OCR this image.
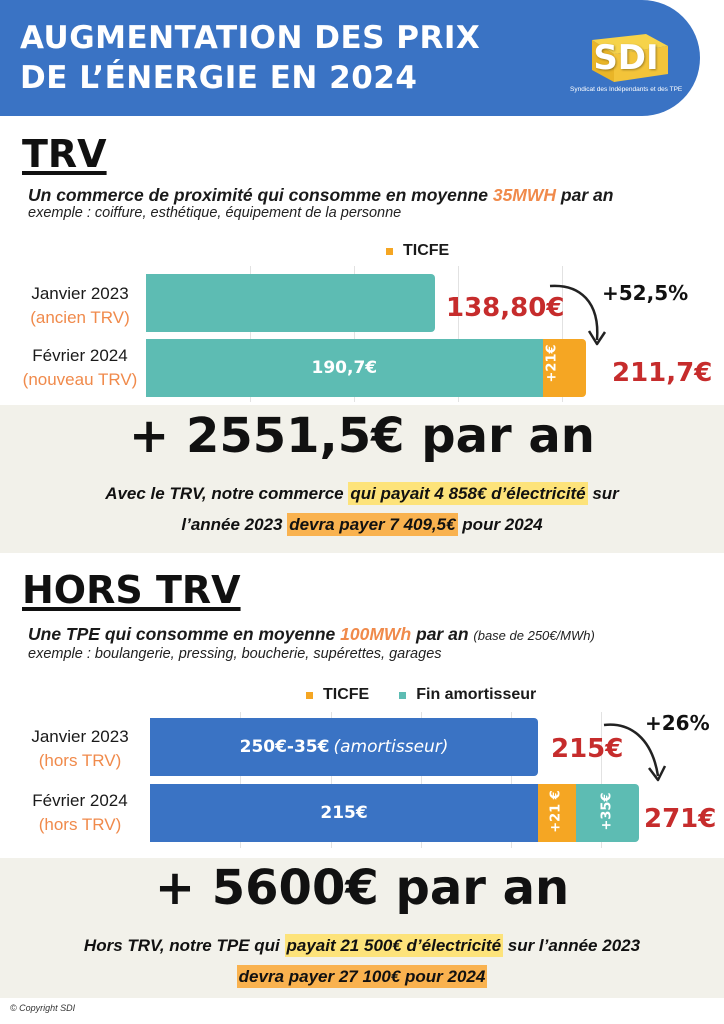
AUGMENTATION DES PRIX
DE L’ÉNERGIE EN 2024	SDI
Syndicat des Indépendants et des TPE
TRV
Un commerce de proximité qui consomme en moyenne 35MWH par an
exemple : coiffure, esthétique, équipement de la personne
TICFE
Janvier 2023
(ancien TRV)
Février 2024
(nouveau TRV)
190,7€	+21€
138,80€
211,7€
+52,5%
+ 2551,5€ par an
Avec le TRV, notre commerce qui payait 4 858€ d’électricité sur
l’année 2023 devra payer 7 409,5€ pour 2024
HORS TRV
Une TPE qui consomme en moyenne 100MWh par an (base de 250€/MWh)
exemple : boulangerie, pressing, boucherie, supérettes, garages
TICFE	Fin amortisseur
Janvier 2023
(hors TRV)
Février 2024
(hors TRV)
250€-35€ (amortisseur)
215€	+21 €	+35€
215€
271€
+26%
+ 5600€ par an
Hors TRV, notre TPE qui payait 21 500€ d’électricité sur l’année 2023
devra payer 27 100€ pour 2024
© Copyright SDI
